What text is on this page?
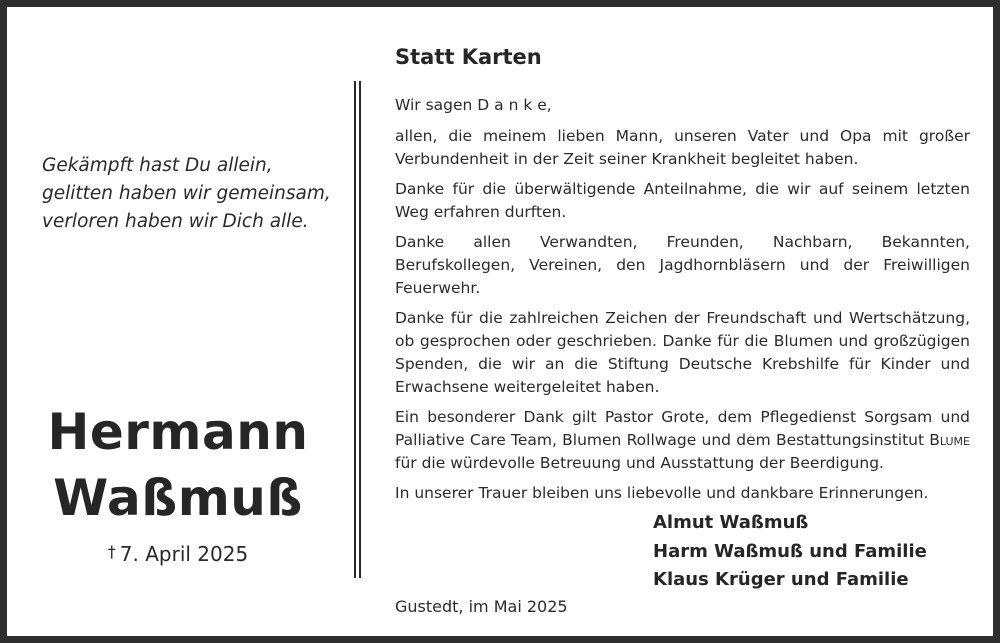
Gekämpft hast Du allein,
gelitten haben wir gemeinsam,
verloren haben wir Dich alle.
Hermann
Waßmuß
† 7. April 2025
Statt Karten

Wir sagen D a n k e,

allen, die meinem lieben Mann, unseren Vater und Opa mit großer Verbundenheit in der Zeit seiner Krankheit begleitet haben.

Danke für die überwältigende Anteilnahme, die wir auf seinem letzten Weg erfahren durften.

Danke allen Verwandten, Freunden, Nachbarn, Bekannten, Berufskollegen, Vereinen, den Jagdhornbläsern und der Freiwilligen Feuerwehr.

Danke für die zahlreichen Zeichen der Freundschaft und Wertschätzung, ob gesprochen oder geschrieben. Danke für die Blumen und großzügigen Spenden, die wir an die Stiftung Deutsche Krebshilfe für Kinder und Erwachsene weitergeleitet haben.

Ein besonderer Dank gilt Pastor Grote, dem Pflegedienst Sorgsam und Palliative Care Team, Blumen Rollwage und dem Bestattungsinstitut Blume für die würdevolle Betreuung und Ausstattung der Beerdigung.

In unserer Trauer bleiben uns liebevolle und dankbare Erinnerungen.

Almut Waßmuß
Harm Waßmuß und Familie
Klaus Krüger und Familie
Gustedt, im Mai 2025
